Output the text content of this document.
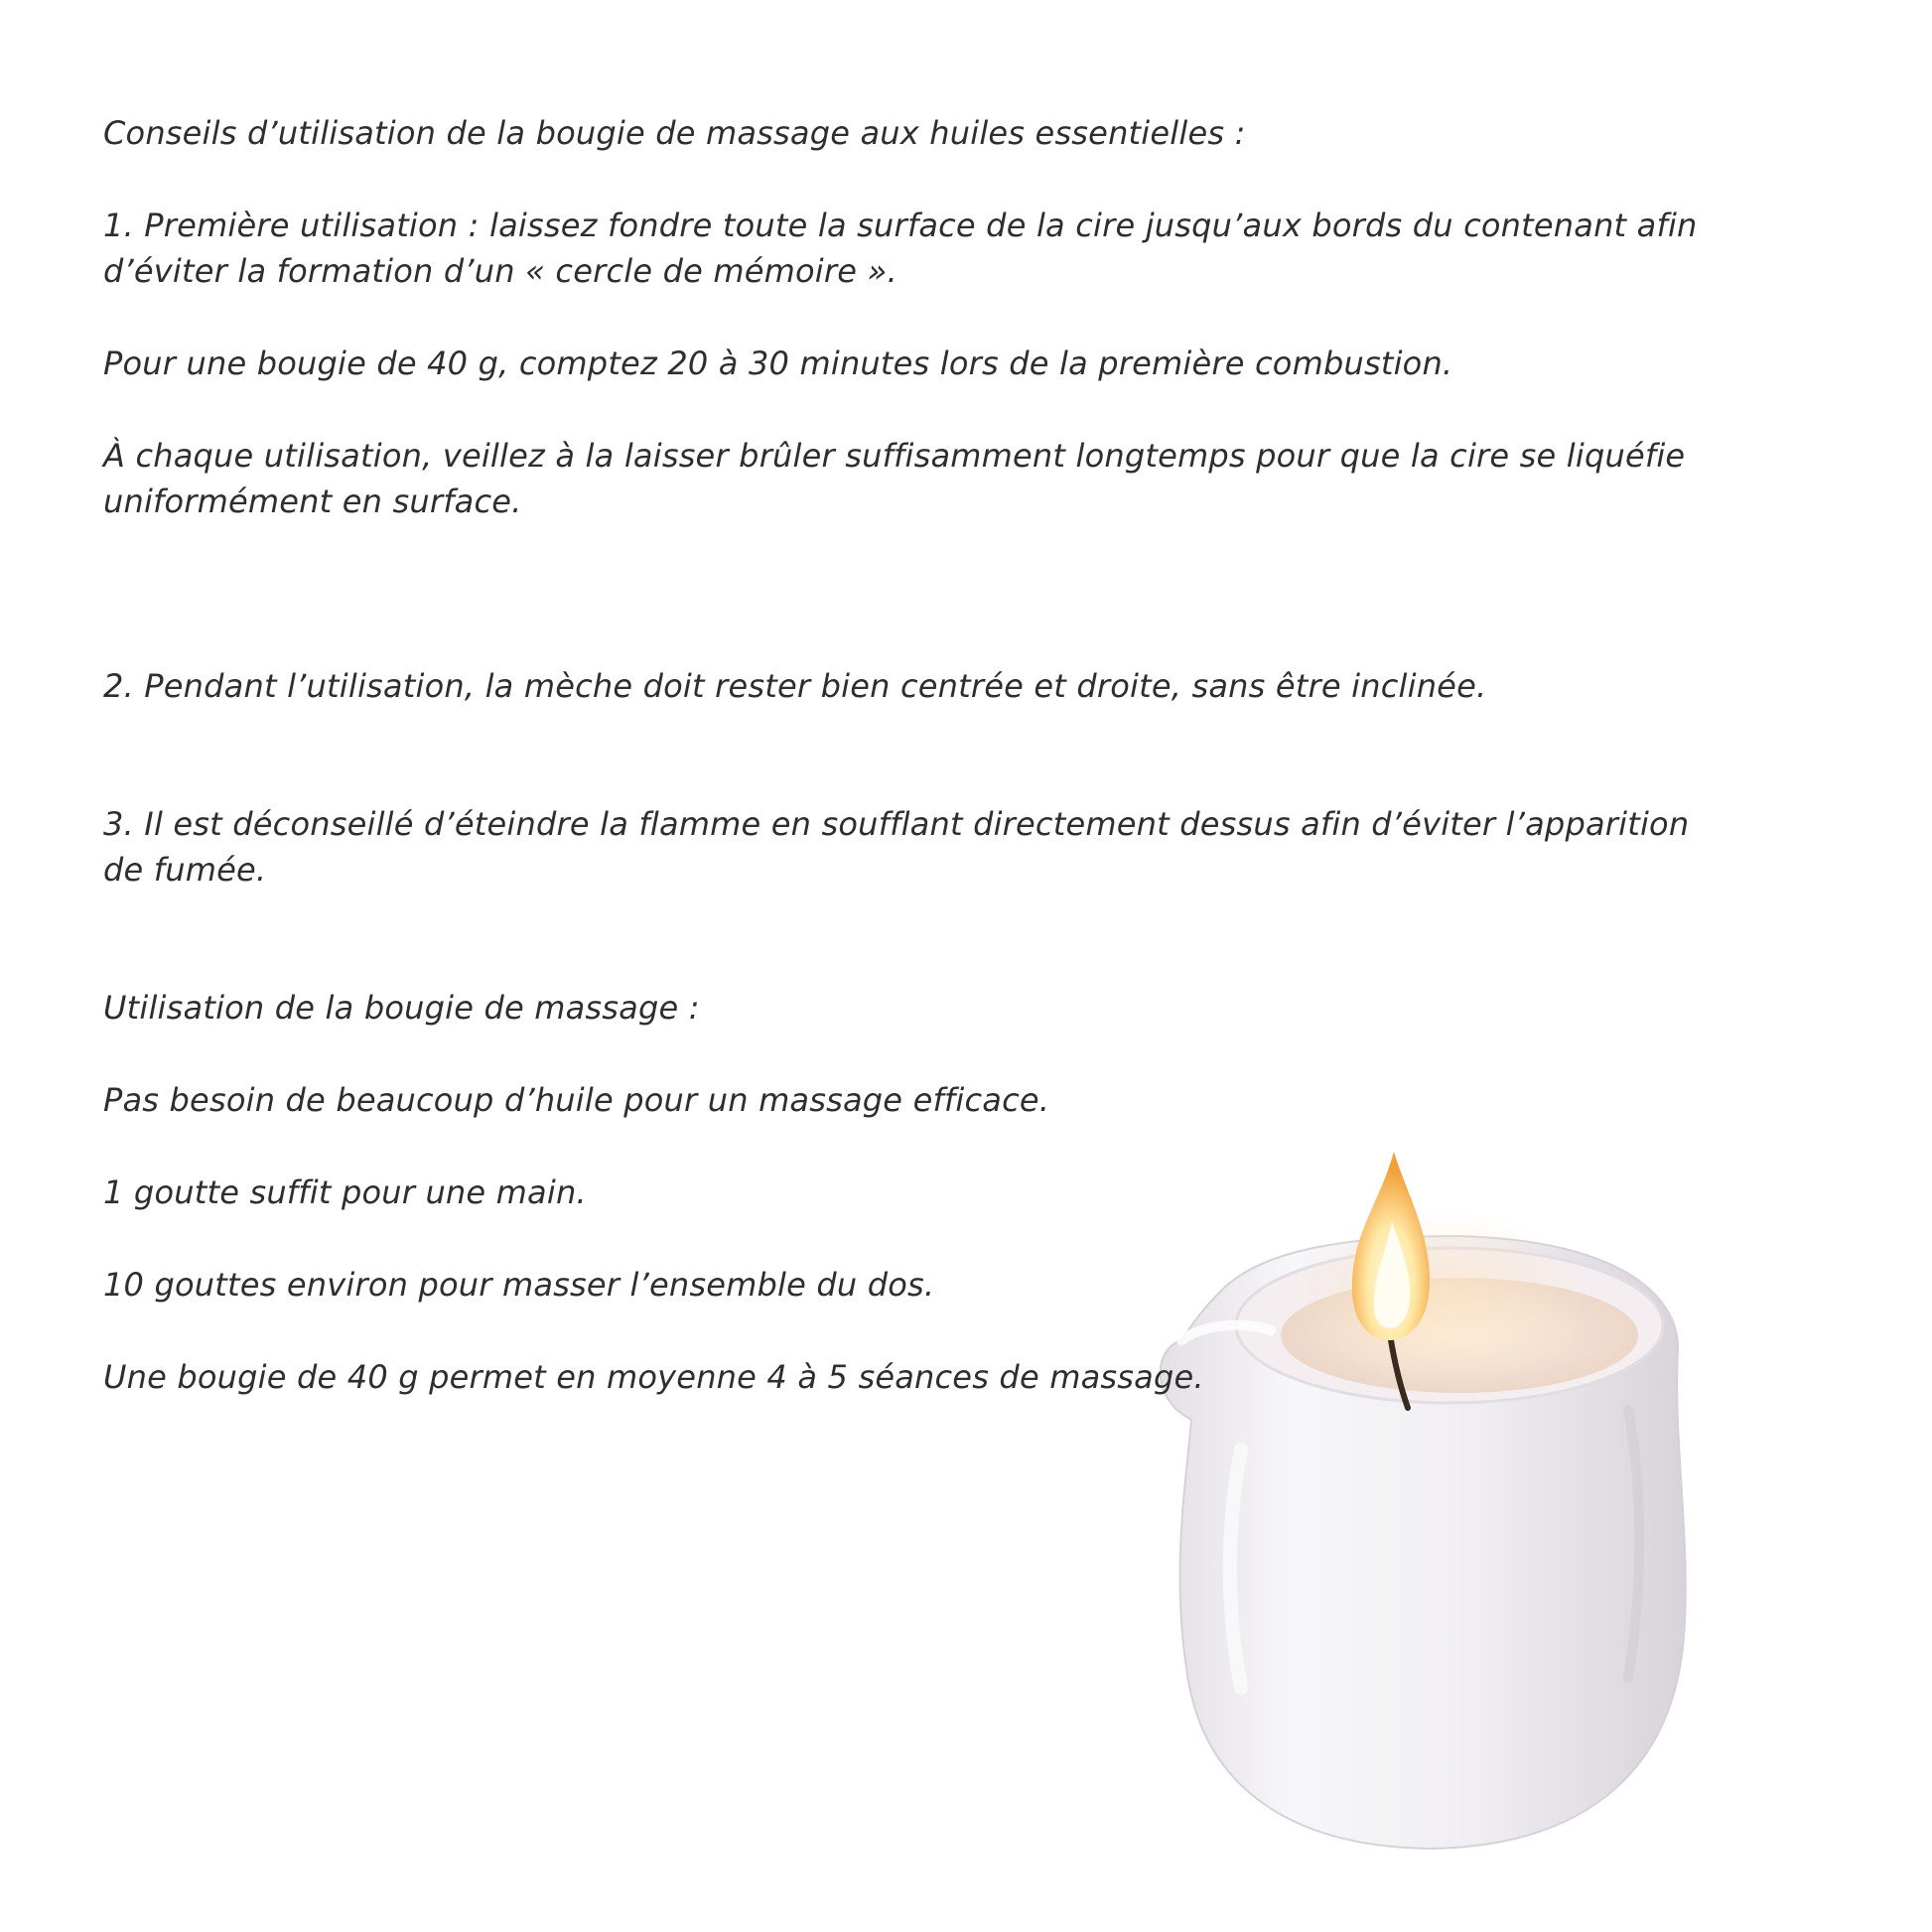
Conseils d’utilisation de la bougie de massage aux huiles essentielles :
1. Première utilisation : laissez fondre toute la surface de la cire jusqu’aux bords du contenant afin
d’éviter la formation d’un « cercle de mémoire ».
Pour une bougie de 40 g, comptez 20 à 30 minutes lors de la première combustion.
À chaque utilisation, veillez à la laisser brûler suffisamment longtemps pour que la cire se liquéfie
uniformément en surface.
2. Pendant l’utilisation, la mèche doit rester bien centrée et droite, sans être inclinée.
3. Il est déconseillé d’éteindre la flamme en soufflant directement dessus afin d’éviter l’apparition
de fumée.
Utilisation de la bougie de massage :
Pas besoin de beaucoup d’huile pour un massage efficace.
1 goutte suffit pour une main.
10 gouttes environ pour masser l’ensemble du dos.
Une bougie de 40 g permet en moyenne 4 à 5 séances de massage.
